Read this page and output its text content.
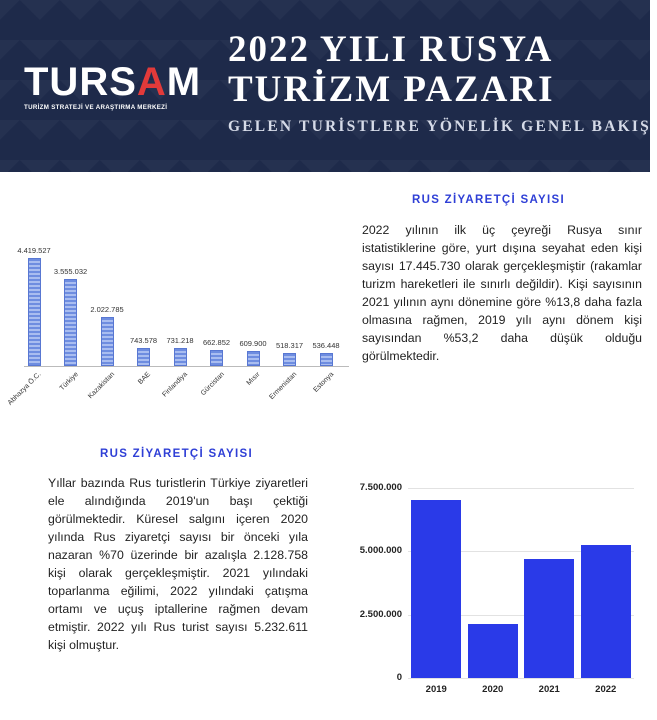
TURSAM
TURİZM STRATEJİ VE ARAŞTIRMA MERKEZİ
2022 YILI RUSYA
TURİZM PAZARI
GELEN TURİSTLERE YÖNELİK GENEL BAKIŞ
RUS ZİYARETÇİ SAYISI
2022 yılının ilk üç çeyreği Rusya sınır istatistiklerine göre, yurt dışına seyahat eden kişi sayısı 17.445.730 olarak gerçekleşmiştir (rakamlar turizm hareketleri ile sınırlı değildir). Kişi sayısının 2021 yılının aynı dönemine göre %13,8 daha fazla olmasına rağmen, 2019 yılı aynı dönem kişi sayısından %53,2 daha düşük olduğu görülmektedir.
4.419.527
Abhazya Ö.C.
3.555.032
Türkiye
2.022.785
Kazakistan
743.578
BAE
731.218
Finlandiya
662.852
Gürcistan
609.900
Mısır
518.317
Ermenistan
536.448
Estonya
RUS ZİYARETÇİ SAYISI
Yıllar bazında Rus turistlerin Türkiye ziyaretleri ele alındığında 2019'un başı çektiği görülmektedir. Küresel salgını içeren 2020 yılında Rus ziyaretçi sayısı bir önceki yıla nazaran %70 üzerinde bir azalışla 2.128.758 kişi olarak gerçekleşmiştir. 2021 yılındaki toparlanma eğilimi, 2022 yılındaki çatışma ortamı ve uçuş iptallerine rağmen devam etmiştir. 2022 yılı Rus turist sayısı 5.232.611 kişi olmuştur.
0
2.500.000
5.000.000
7.500.000
2019	2020	2021	2022
